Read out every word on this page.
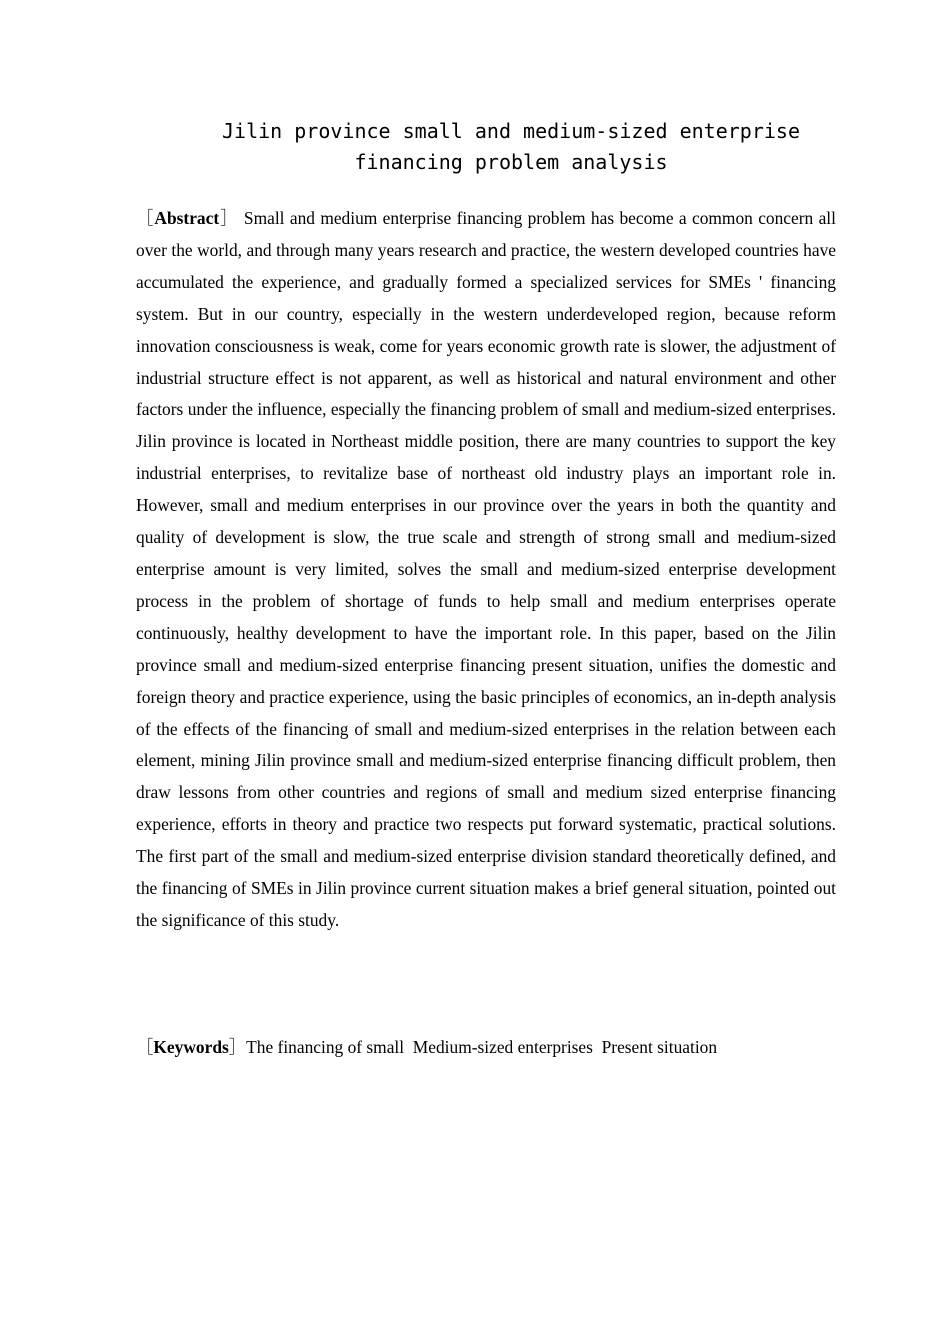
Jilin province small and medium-sized enterprise
financing problem analysis

［Abstract］ Small and medium enterprise financing problem has become a common concern all over the world, and through many years research and practice, the western developed countries have accumulated the experience, and gradually formed a specialized services for SMEs ' financing system. But in our country, especially in the western underdeveloped region, because reform innovation consciousness is weak, come for years economic growth rate is slower, the adjustment of industrial structure effect is not apparent, as well as historical and natural environment and other factors under the influence, especially the financing problem of small and medium-sized enterprises. Jilin province is located in Northeast middle position, there are many countries to support the key industrial enterprises, to revitalize base of northeast old industry plays an important role in. However, small and medium enterprises in our province over the years in both the quantity and quality of development is slow, the true scale and strength of strong small and medium-sized enterprise amount is very limited, solves the small and medium-sized enterprise development process in the problem of shortage of funds to help small and medium enterprises operate continuously, healthy development to have the important role. In this paper, based on the Jilin province small and medium-sized enterprise financing present situation, unifies the domestic and foreign theory and practice experience, using the basic principles of economics, an in-depth analysis of the effects of the financing of small and medium-sized enterprises in the relation between each element, mining Jilin province small and medium-sized enterprise financing difficult problem, then draw lessons from other countries and regions of small and medium sized enterprise financing experience, efforts in theory and practice two respects put forward systematic, practical solutions. The first part of the small and medium-sized enterprise division standard theoretically defined, and the financing of SMEs in Jilin province current situation makes a brief general situation, pointed out the significance of this study.

［Keywords］The financing of small  Medium-sized enterprises  Present situation
